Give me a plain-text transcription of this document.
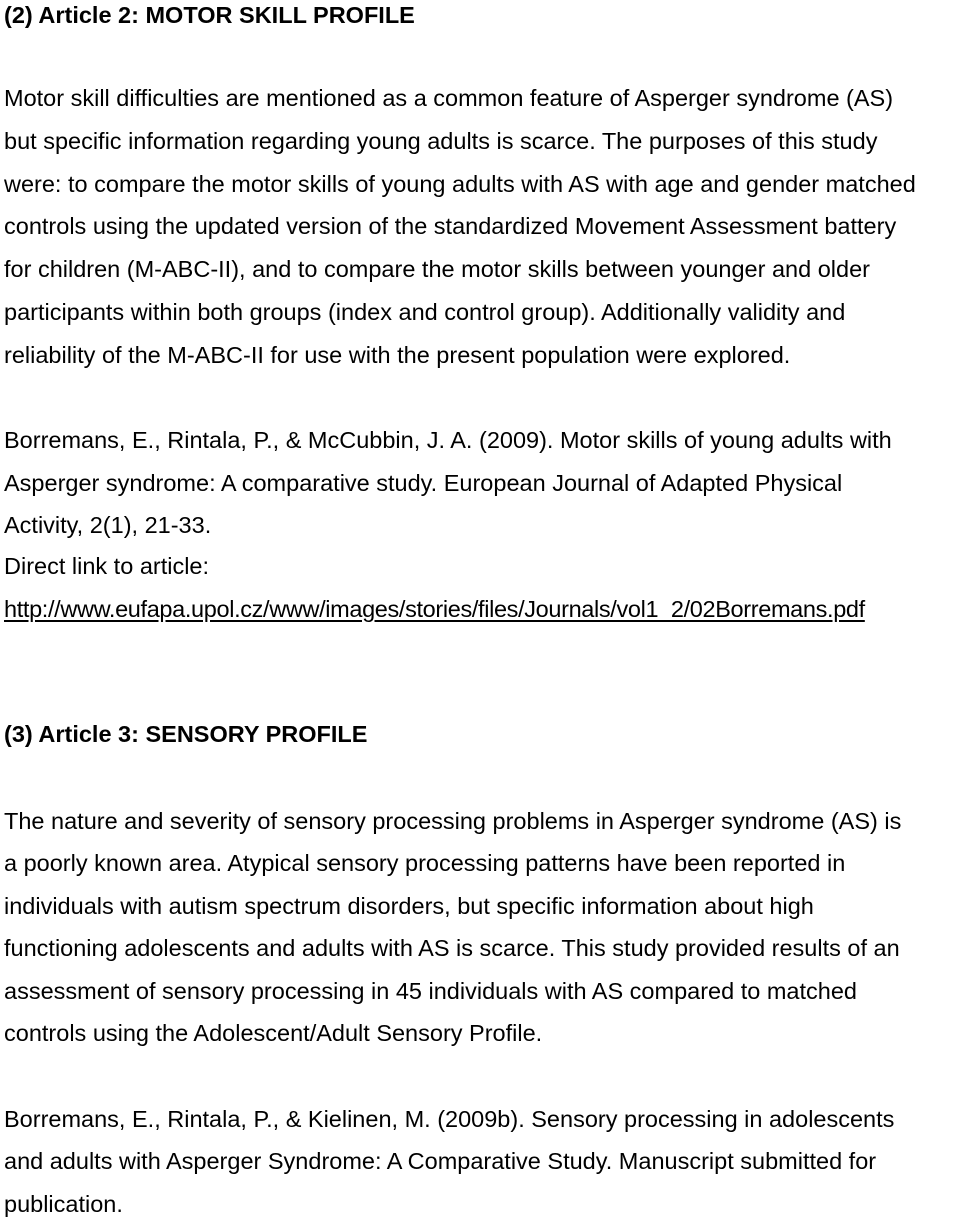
(2) Article 2: MOTOR SKILL PROFILE
Motor skill difficulties are mentioned as a common feature of Asperger syndrome (AS)
but specific information regarding young adults is scarce. The purposes of this study
were: to compare the motor skills of young adults with AS with age and gender matched
controls using the updated version of the standardized Movement Assessment battery
for children (M-ABC-II), and to compare the motor skills between younger and older
participants within both groups (index and control group). Additionally validity and
reliability of the M-ABC-II for use with the present population were explored.
Borremans, E., Rintala, P., & McCubbin, J. A. (2009). Motor skills of young adults with
Asperger syndrome: A comparative study. European Journal of Adapted Physical
Activity, 2(1), 21-33.
Direct link to article:
http://www.eufapa.upol.cz/www/images/stories/files/Journals/vol1_2/02Borremans.pdf
(3) Article 3: SENSORY PROFILE
The nature and severity of sensory processing problems in Asperger syndrome (AS) is
a poorly known area. Atypical sensory processing patterns have been reported in
individuals with autism spectrum disorders, but specific information about high
functioning adolescents and adults with AS is scarce. This study provided results of an
assessment of sensory processing in 45 individuals with AS compared to matched
controls using the Adolescent/Adult Sensory Profile.
Borremans, E., Rintala, P., & Kielinen, M. (2009b). Sensory processing in adolescents
and adults with Asperger Syndrome: A Comparative Study. Manuscript submitted for
publication.
